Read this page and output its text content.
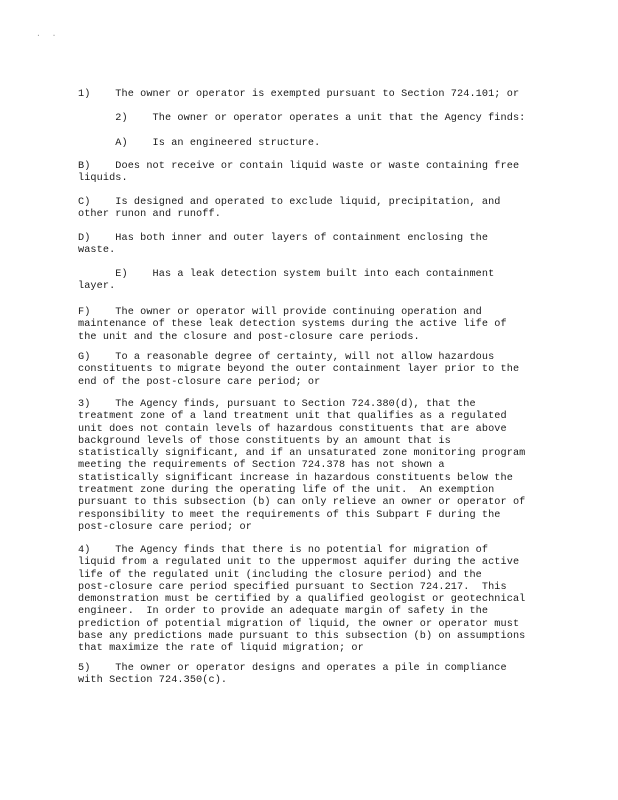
. .

1)    The owner or operator is exempted pursuant to Section 724.101; or

2)    The owner or operator operates a unit that the Agency finds:

A)    Is an engineered structure.

B)    Does not receive or contain liquid waste or waste containing free
liquids.

C)    Is designed and operated to exclude liquid, precipitation, and
other runon and runoff.

D)    Has both inner and outer layers of containment enclosing the
waste.

E)    Has a leak detection system built into each containment
layer.

F)    The owner or operator will provide continuing operation and
maintenance of these leak detection systems during the active life of
the unit and the closure and post-closure care periods.

G)    To a reasonable degree of certainty, will not allow hazardous
constituents to migrate beyond the outer containment layer prior to the
end of the post-closure care period; or

3)    The Agency finds, pursuant to Section 724.380(d), that the
treatment zone of a land treatment unit that qualifies as a regulated
unit does not contain levels of hazardous constituents that are above
background levels of those constituents by an amount that is
statistically significant, and if an unsaturated zone monitoring program
meeting the requirements of Section 724.378 has not shown a
statistically significant increase in hazardous constituents below the
treatment zone during the operating life of the unit.  An exemption
pursuant to this subsection (b) can only relieve an owner or operator of
responsibility to meet the requirements of this Subpart F during the
post-closure care period; or

4)    The Agency finds that there is no potential for migration of
liquid from a regulated unit to the uppermost aquifer during the active
life of the regulated unit (including the closure period) and the
post-closure care period specified pursuant to Section 724.217.  This
demonstration must be certified by a qualified geologist or geotechnical
engineer.  In order to provide an adequate margin of safety in the
prediction of potential migration of liquid, the owner or operator must
base any predictions made pursuant to this subsection (b) on assumptions
that maximize the rate of liquid migration; or

5)    The owner or operator designs and operates a pile in compliance
with Section 724.350(c).
